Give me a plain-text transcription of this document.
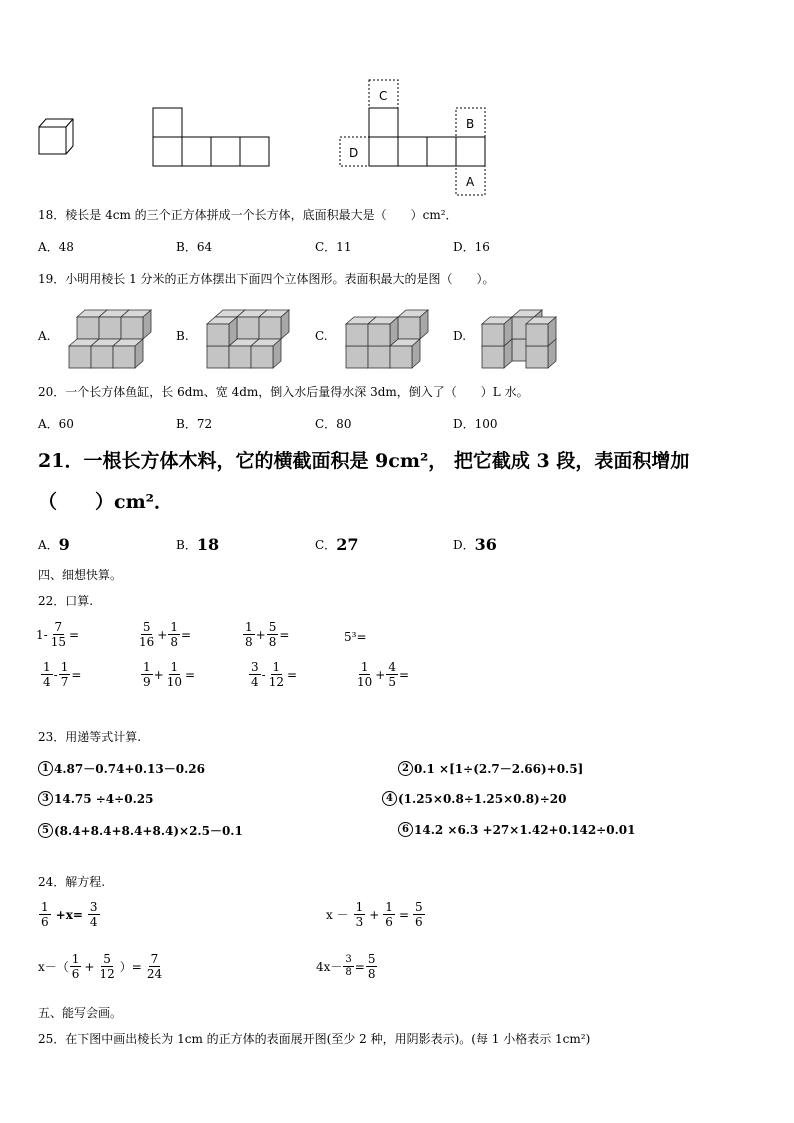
C
B
D
A
18．棱长是 4cm 的三个正方体拼成一个长方体，底面积最大是（　　）cm²．
A．48	B．64	C．11	D．16
19．小明用棱长 1 分米的正方体摆出下面四个立体图形。表面积最大的是图（　　）。
A.	B.	C.	D.
20．一个长方体鱼缸，长 6dm、宽 4dm，倒入水后量得水深 3dm，倒入了（　　）L 水。
A．60	B．72	C．80	D．100
21．一根长方体木料，它的横截面积是 9cm²， 把它截成 3 段，表面积增加
（　　）cm²．
A． 9	B． 18	C． 27	D． 36
四、细想快算。
22．口算.
$1- \frac{7}{15}$ =	$\frac{5}{16} + \frac{1}{8}$ =	$\frac{1}{8} + \frac{5}{8}$ =	5³=
$\frac{1}{4} - \frac{1}{7}$ =	$\frac{1}{9} + \frac{1}{10}$ =	$\frac{3}{4} - \frac{1}{12}$ =	$\frac{1}{10} + \frac{4}{5}$ =
23．用递等式计算.
1 4.87－0.74+0.13－0.26	2 0.1 ×[1÷(2.7－2.66)+0.5]
3 14.75 ÷4÷0.25	4 (1.25×0.8÷1.25×0.8)÷20
5 (8.4+8.4+8.4+8.4)×2.5－0.1	6 14.2 ×6.3 +27×1.42+0.142÷0.01
24．解方程.
$\frac{1}{6} +x= \frac{3}{4}$	$x - \frac{1}{3} + \frac{1}{6} = \frac{5}{6}$
$x-( \frac{1}{6} + \frac{5}{12}$ ）= $\frac{7}{24}$	$4x- \frac{3}{8} = \frac{5}{8}$
五、能写会画。
25．在下图中画出棱长为 1cm 的正方体的表面展开图(至少 2 种，用阴影表示)。(每 1 小格表示 1cm²)
